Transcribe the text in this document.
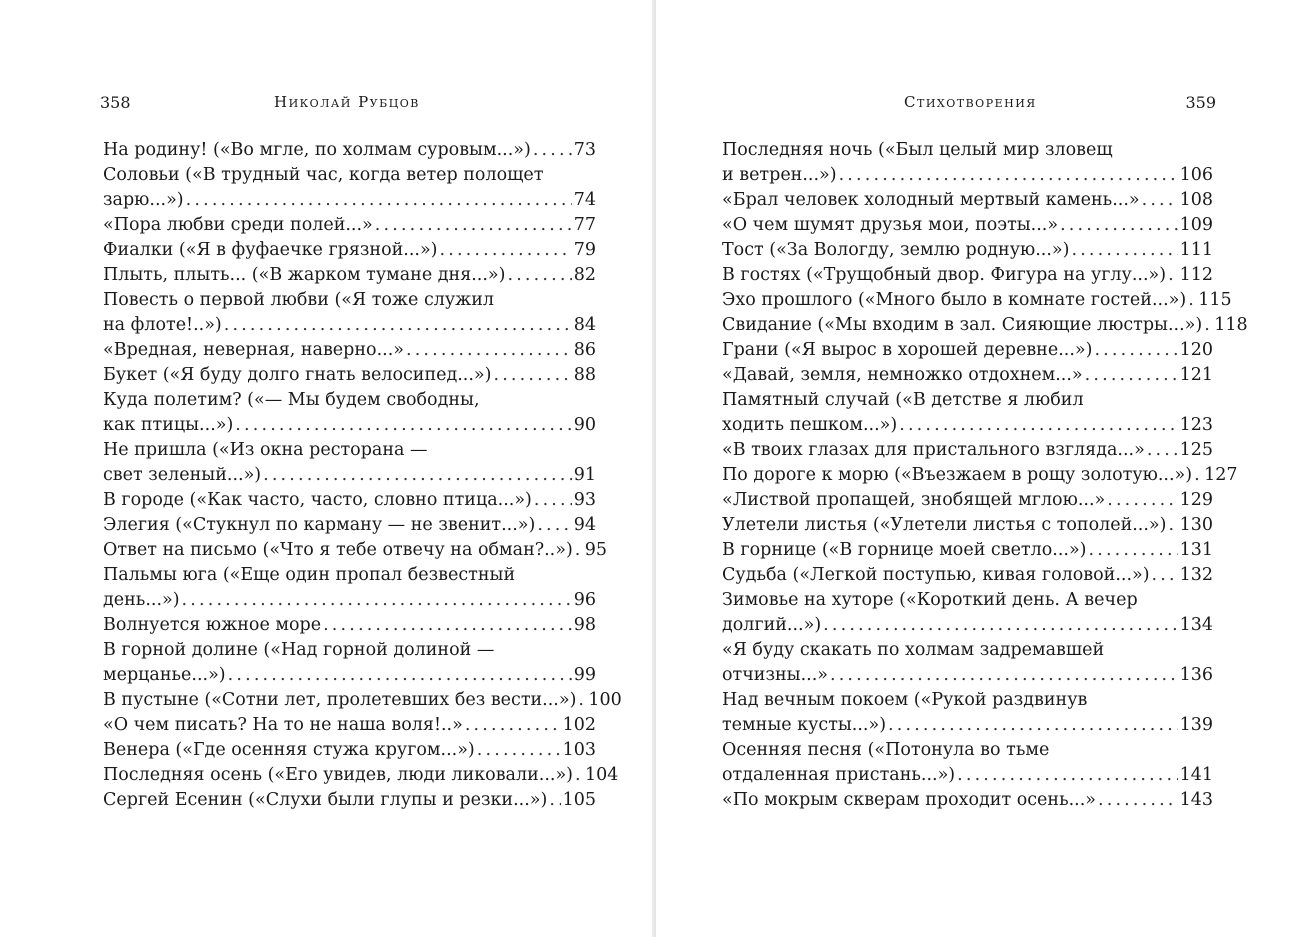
358	Николай Рубцов
На родину! («Во мгле, по холмам суровым...») . . . 73
Соловьи («В трудный час, когда ветер полощет
зарю...») . . .	74
«Пора любви среди полей...» . . .	77
Фиалки («Я в фуфаечке грязной...») . . .	79
Плыть, плыть... («В жарком тумане дня...») . . .	82
Повесть о первой любви («Я тоже служил
на флоте!..») . . .	84
«Вредная, неверная, наверно...» . . .	86
Букет («Я буду долго гнать велосипед...») . . .	88
Куда полетим? («— Мы будем свободны,
как птицы...») . . .	90
Не пришла («Из окна ресторана —
свет зеленый...») . . .	91
В городе («Как часто, часто, словно птица...») . . . 93
Элегия («Стукнул по карману — не звенит...») . . . 94
Ответ на письмо («Что я тебе отвечу на обман?..») . . . 95
Пальмы юга («Еще один пропал безвестный
день...») . . .	96
Волнуется южное море . . .	98
В горной долине («Над горной долиной —
мерцанье...») . . .	99
В пустыне («Сотни лет, пролетевших без вести...») . . . 100
«О чем писать? На то не наша воля!..» . . .	102
Венера («Где осенняя стужа кругом...») . . .	103
Последняя осень («Его увидев, люди ликовали...») . . . 104
Сергей Есенин («Слухи были глупы и резки...») . . . 105
Стихотворения	359
Последняя ночь («Был целый мир зловещ
и ветрен...») . . .	106
«Брал человек холодный мертвый камень...» . . . 108
«О чем шумят друзья мои, поэты...» . . .	109
Тост («За Вологду, землю родную...») . . .	111
В гостях («Трущобный двор. Фигура на углу...») . . . 112
Эхо прошлого («Много было в комнате гостей...») . . . 115
Свидание («Мы входим в зал. Сияющие люстры...») . . . 118
Грани («Я вырос в хорошей деревне...») . . .	120
«Давай, земля, немножко отдохнем...» . . .	121
Памятный случай («В детстве я любил
ходить пешком...») . . .	123
«В твоих глазах для пристального взгляда...» . . . 125
По дороге к морю («Въезжаем в рощу золотую...») . . . 127
«Листвой пропащей, знобящей мглою...» . . .	129
Улетели листья («Улетели листья с тополей...») . . . 130
В горнице («В горнице моей светло...») . . .	131
Судьба («Легкой поступью, кивая головой...») . . . 132
Зимовье на хуторе («Короткий день. А вечер
долгий...») . . .	134
«Я буду скакать по холмам задремавшей
отчизны...» . . .	136
Над вечным покоем («Рукой раздвинув
темные кусты...») . . .	139
Осенняя песня («Потонула во тьме
отдаленная пристань...») . . .	141
«По мокрым скверам проходит осень...» . . .	143
